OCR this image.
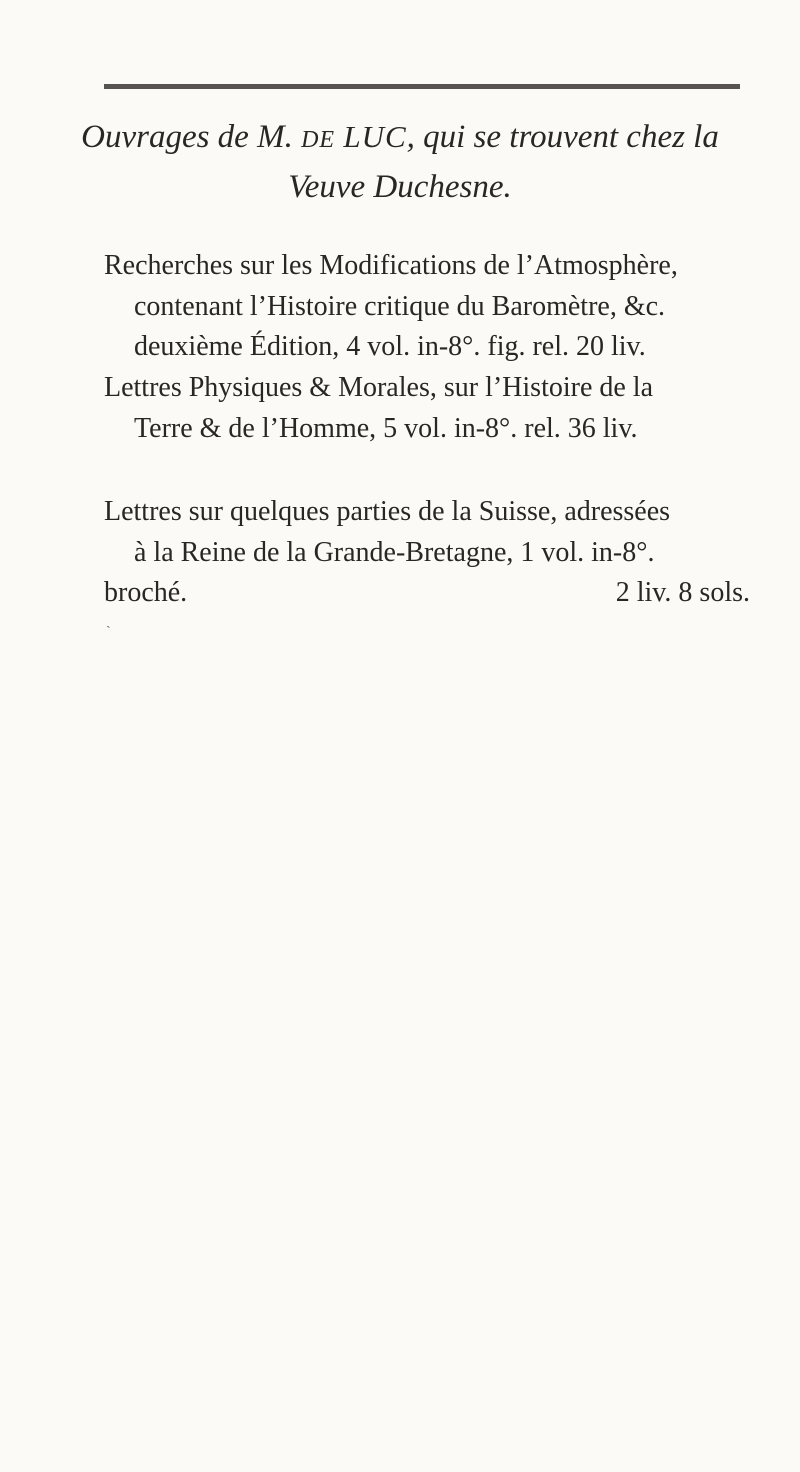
Ouvrages de M. DE LUC, qui se trouvent chez la
Veuve Duchesne.
Recherches sur les Modifications de l’Atmosphère,
contenant l’Histoire critique du Baromètre, &c.
deuxième Édition, 4 vol. in-8°. fig. rel. 20 liv.
Lettres Physiques & Morales, sur l’Histoire de la
Terre & de l’Homme, 5 vol. in-8°. rel. 36 liv.
Lettres sur quelques parties de la Suisse, adressées
à la Reine de la Grande-Bretagne, 1 vol. in-8°.
broché.	2 liv. 8 sols.
ˎ
